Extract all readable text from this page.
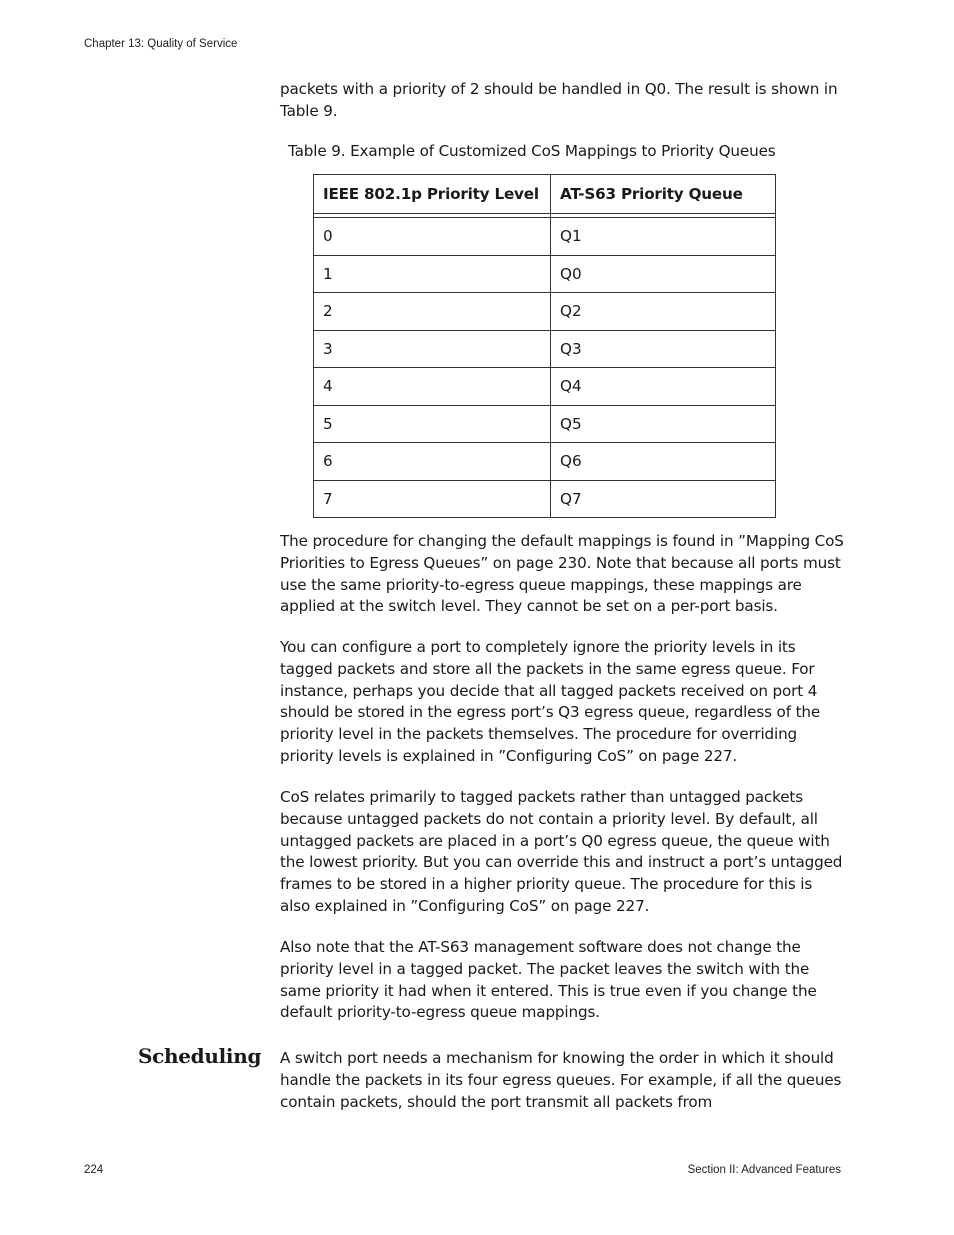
Chapter 13: Quality of Service

packets with a priority of 2 should be handled in Q0. The result is shown in Table 9.

Table 9. Example of Customized CoS Mappings to Priority Queues
IEEE 802.1p Priority Level	AT-S63 Priority Queue

0	Q1
1	Q0
2	Q2
3	Q3
4	Q4
5	Q5
6	Q6
7	Q7

The procedure for changing the default mappings is found in ”Mapping CoS Priorities to Egress Queues” on page 230. Note that because all ports must use the same priority-to-egress queue mappings, these mappings are applied at the switch level. They cannot be set on a per-port basis.

You can configure a port to completely ignore the priority levels in its tagged packets and store all the packets in the same egress queue. For instance, perhaps you decide that all tagged packets received on port 4 should be stored in the egress port’s Q3 egress queue, regardless of the priority level in the packets themselves. The procedure for overriding priority levels is explained in ”Configuring CoS” on page 227.

CoS relates primarily to tagged packets rather than untagged packets because untagged packets do not contain a priority level. By default, all untagged packets are placed in a port’s Q0 egress queue, the queue with the lowest priority. But you can override this and instruct a port’s untagged frames to be stored in a higher priority queue. The procedure for this is also explained in ”Configuring CoS” on page 227.

Also note that the AT-S63 management software does not change the priority level in a tagged packet. The packet leaves the switch with the same priority it had when it entered. This is true even if you change the default priority-to-egress queue mappings.

Scheduling A switch port needs a mechanism for knowing the order in which it should handle the packets in its four egress queues. For example, if all the queues contain packets, should the port transmit all packets from

224	Section II: Advanced Features
